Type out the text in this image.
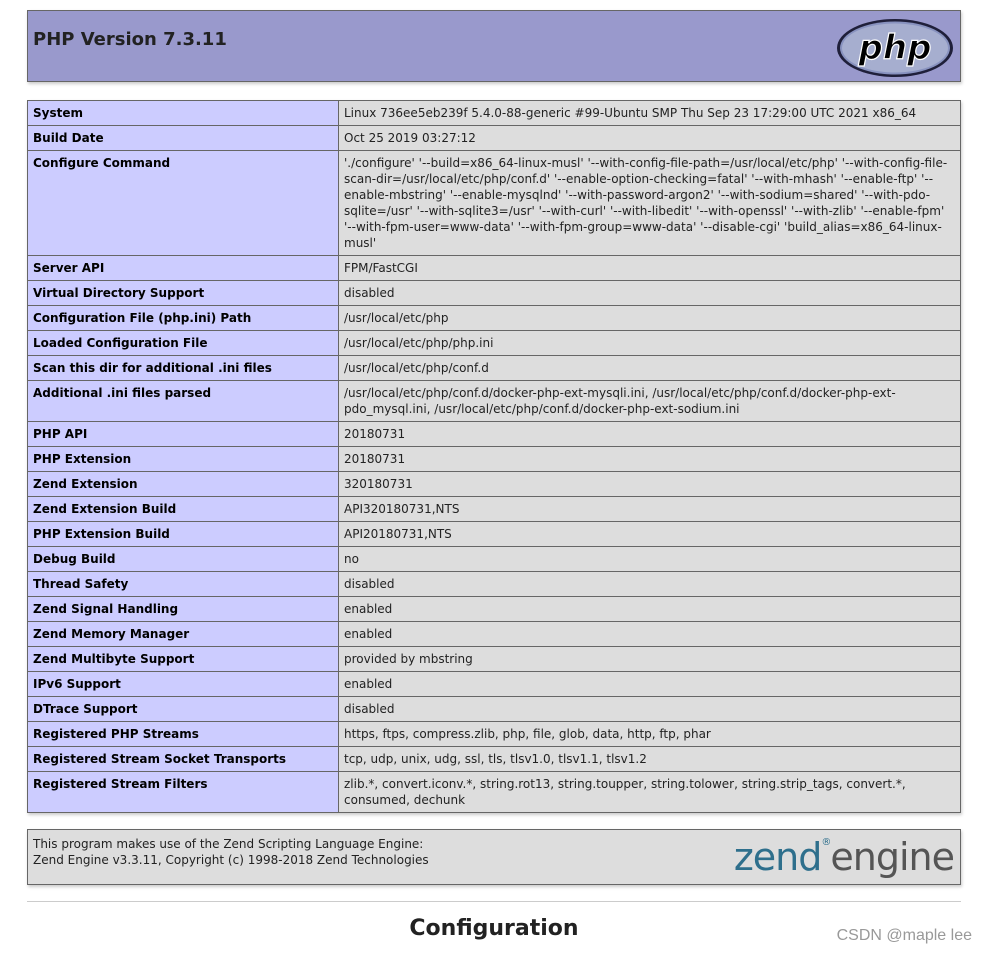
PHP Version 7.3.11	php
System	Linux 736ee5eb239f 5.4.0-88-generic #99-Ubuntu SMP Thu Sep 23 17:29:00 UTC 2021 x86_64
Build Date	Oct 25 2019 03:27:12
Configure Command	'./configure' '--build=x86_64-linux-musl' '--with-config-file-path=/usr/local/etc/php' '--with-config-file-scan-dir=/usr/local/etc/php/conf.d' '--enable-option-checking=fatal' '--with-mhash' '--enable-ftp' '--enable-mbstring' '--enable-mysqlnd' '--with-password-argon2' '--with-sodium=shared' '--with-pdo-sqlite=/usr' '--with-sqlite3=/usr' '--with-curl' '--with-libedit' '--with-openssl' '--with-zlib' '--enable-fpm' '--with-fpm-user=www-data' '--with-fpm-group=www-data' '--disable-cgi' 'build_alias=x86_64-linux-musl'
Server API	FPM/FastCGI
Virtual Directory Support	disabled
Configuration File (php.ini) Path	/usr/local/etc/php
Loaded Configuration File	/usr/local/etc/php/php.ini
Scan this dir for additional .ini files	/usr/local/etc/php/conf.d
Additional .ini files parsed	/usr/local/etc/php/conf.d/docker-php-ext-mysqli.ini, /usr/local/etc/php/conf.d/docker-php-ext-pdo_mysql.ini, /usr/local/etc/php/conf.d/docker-php-ext-sodium.ini
PHP API	20180731
PHP Extension	20180731
Zend Extension	320180731
Zend Extension Build	API320180731,NTS
PHP Extension Build	API20180731,NTS
Debug Build	no
Thread Safety	disabled
Zend Signal Handling	enabled
Zend Memory Manager	enabled
Zend Multibyte Support	provided by mbstring
IPv6 Support	enabled
DTrace Support	disabled
Registered PHP Streams	https, ftps, compress.zlib, php, file, glob, data, http, ftp, phar
Registered Stream Socket Transports	tcp, udp, unix, udg, ssl, tls, tlsv1.0, tlsv1.1, tlsv1.2
Registered Stream Filters	zlib.*, convert.iconv.*, string.rot13, string.toupper, string.tolower, string.strip_tags, convert.*, consumed, dechunk
This program makes use of the Zend Scripting Language Engine:
Zend Engine v3.3.11, Copyright (c) 1998-2018 Zend Technologies	zend®engine
Configuration	CSDN @maple lee
